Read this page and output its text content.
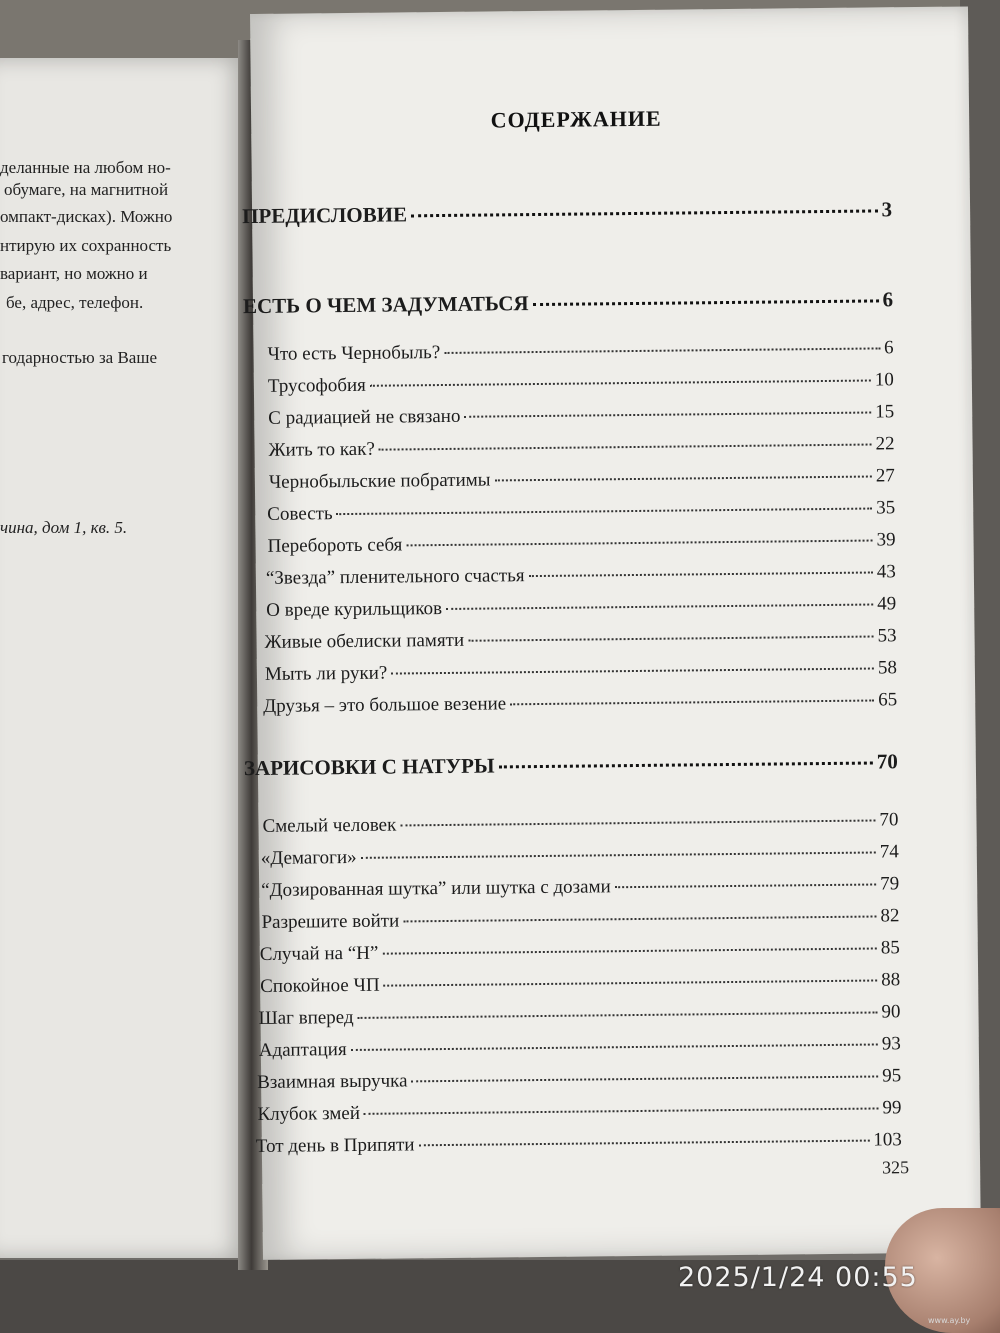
деланные на любом но-
обумаге, на магнитной
омпакт-дисках). Можно
нтирую их сохранность
вариант, но можно и
бе, адрес, телефон.
годарностью за Ваше
чина, дом 1, кв. 5.
СОДЕРЖАНИЕ
ПРЕДИСЛОВИЕ	3
ЕСТЬ О ЧЕМ ЗАДУМАТЬСЯ	6
Что есть Чернобыль?	6
Трусофобия	10
С радиацией не связано	15
Жить то как?	22
Чернобыльские побратимы	27
Совесть	35
Перебороть себя	39
“Звезда” пленительного счастья	43
О вреде курильщиков	49
Живые обелиски памяти	53
Мыть ли руки?	58
Друзья – это большое везение	65
ЗАРИСОВКИ С НАТУРЫ	70
Смелый человек	70
«Демагоги»	74
“Дозированная шутка” или шутка с дозами	79
Разрешите войти	82
Случай на “Н”	85
Спокойное ЧП	88
Шаг вперед	90
Адаптация	93
Взаимная выручка	95
Клубок змей	99
Тот день в Припяти	103
325
2025/1/24 00:55
www.ay.by
